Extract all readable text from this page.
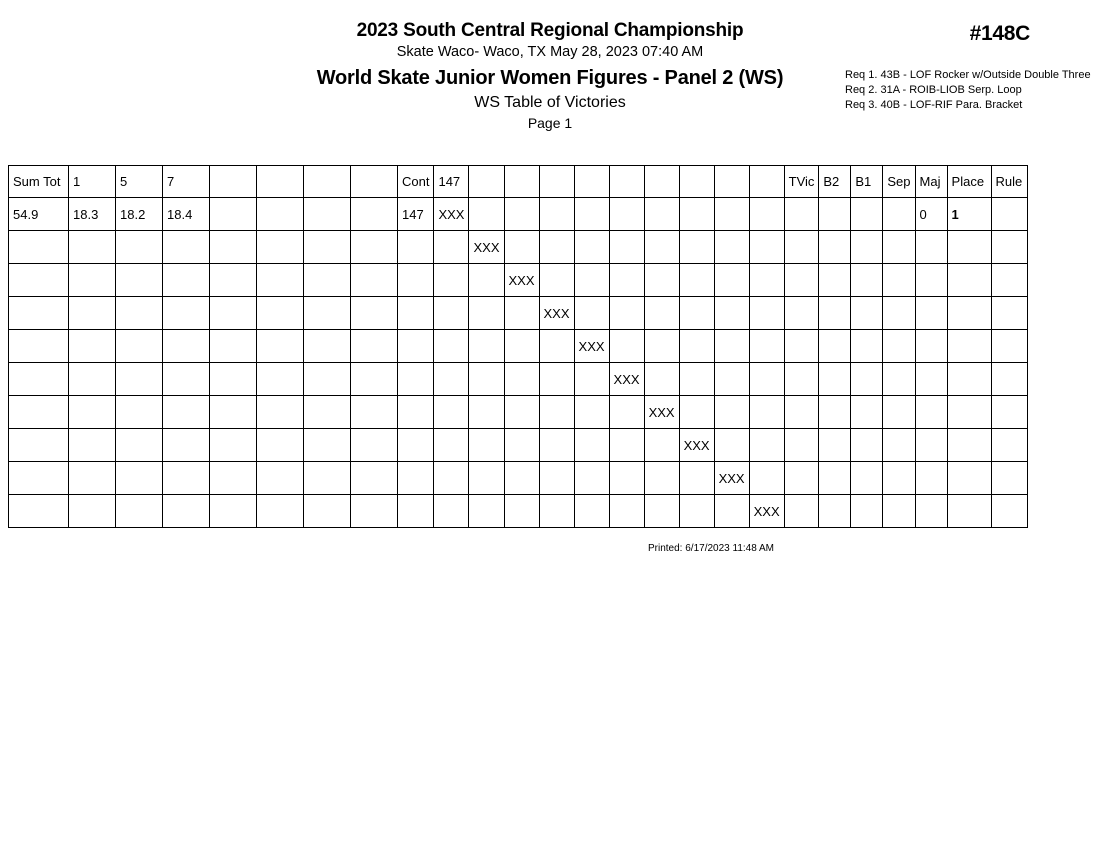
2023 South Central Regional Championship
Skate Waco- Waco, TX May 28, 2023 07:40 AM
World Skate Junior Women Figures - Panel 2 (WS)
WS Table of Victories
Page 1
#148C
Req 1. 43B - LOF Rocker w/Outside Double Three
Req 2. 31A - ROIB-LIOB Serp. Loop
Req 3. 40B - LOF-RIF Para. Bracket
Sum Tot	1	5	7					Cont	147										TVic	B2	B1	Sep	Maj	Place	Rule
54.9	18.3	18.2	18.4					147	XXX														0	1	
										XXX															
											XXX														
												XXX													
													XXX												
														XXX											
															XXX										
																XXX									
																	XXX								
																		XXX							
Printed: 6/17/2023 11:48 AM
